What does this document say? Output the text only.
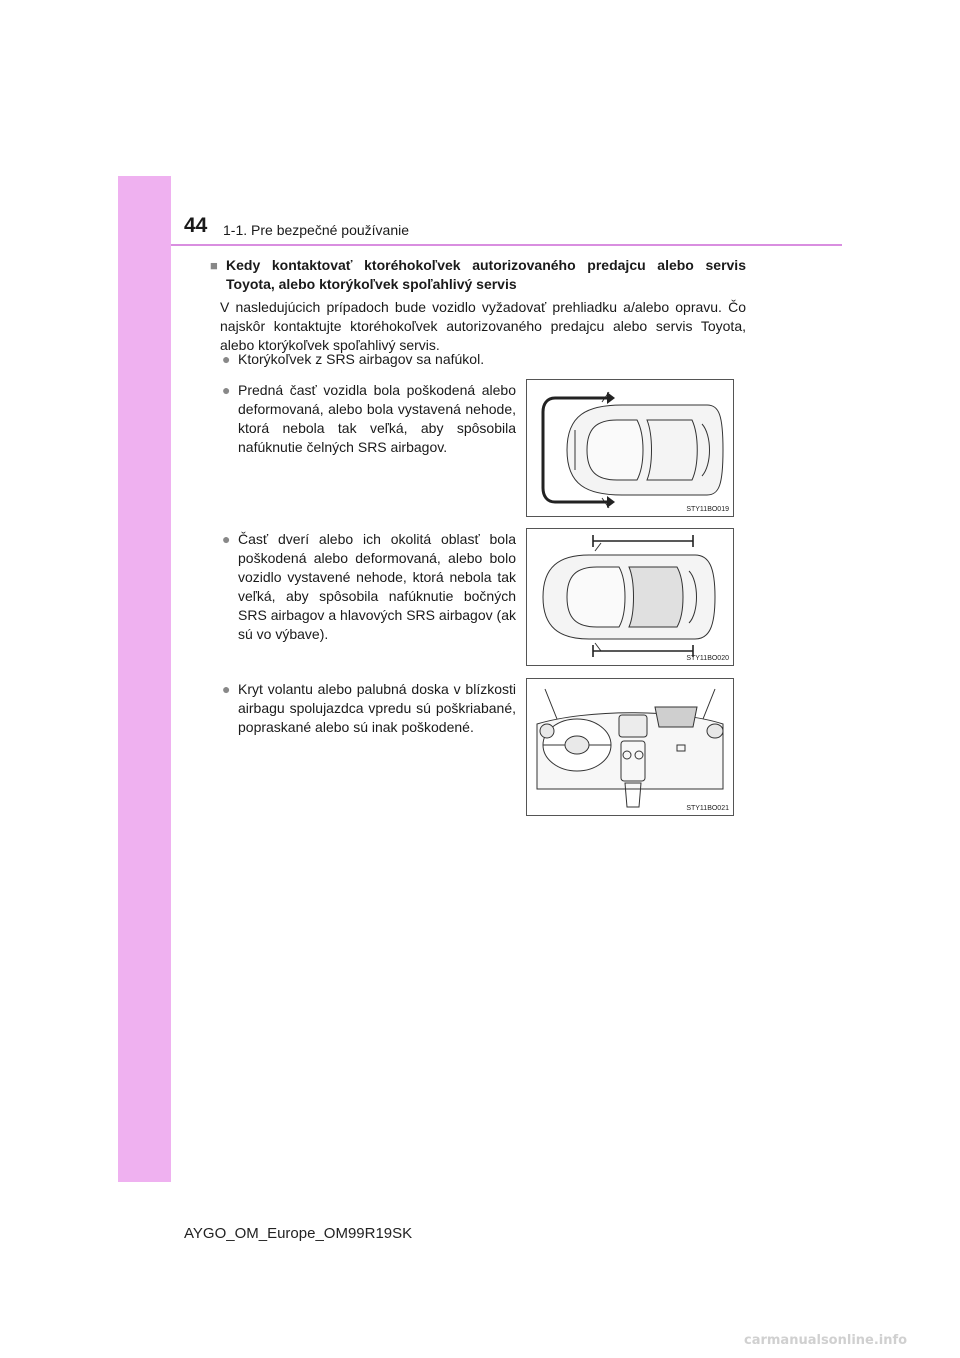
44 1-1. Pre bezpečné používanie

■ Kedy kontaktovať ktoréhokoľvek autorizovaného predajcu alebo servis Toyota, alebo ktorýkoľvek spoľahlivý servis

V nasledujúcich prípadoch bude vozidlo vyžadovať prehliadku a/alebo opravu. Čo najskôr kontaktujte ktoréhokoľvek autorizovaného predajcu alebo servis Toyota, alebo ktorýkoľvek spoľahlivý servis.

● Ktorýkoľvek z SRS airbagov sa nafúkol.
● Predná časť vozidla bola poškodená alebo deformovaná, alebo bola vystavená nehode, ktorá nebola tak veľká, aby spôsobila nafúknutie čelných SRS airbagov.
● Časť dverí alebo ich okolitá oblasť bola poškodená alebo deformovaná, alebo bolo vozidlo vystavené nehode, ktorá nebola tak veľká, aby spôsobila nafúknutie bočných SRS airbagov a hlavových SRS airbagov (ak sú vo výbave).
● Kryt volantu alebo palubná doska v blízkosti airbagu spolujazdca vpredu sú poškriabané, popraskané alebo sú inak poškodené.
STY11BO019
STY11BO020
STY11BO021
AYGO_OM_Europe_OM99R19SK
carmanualsonline.info
